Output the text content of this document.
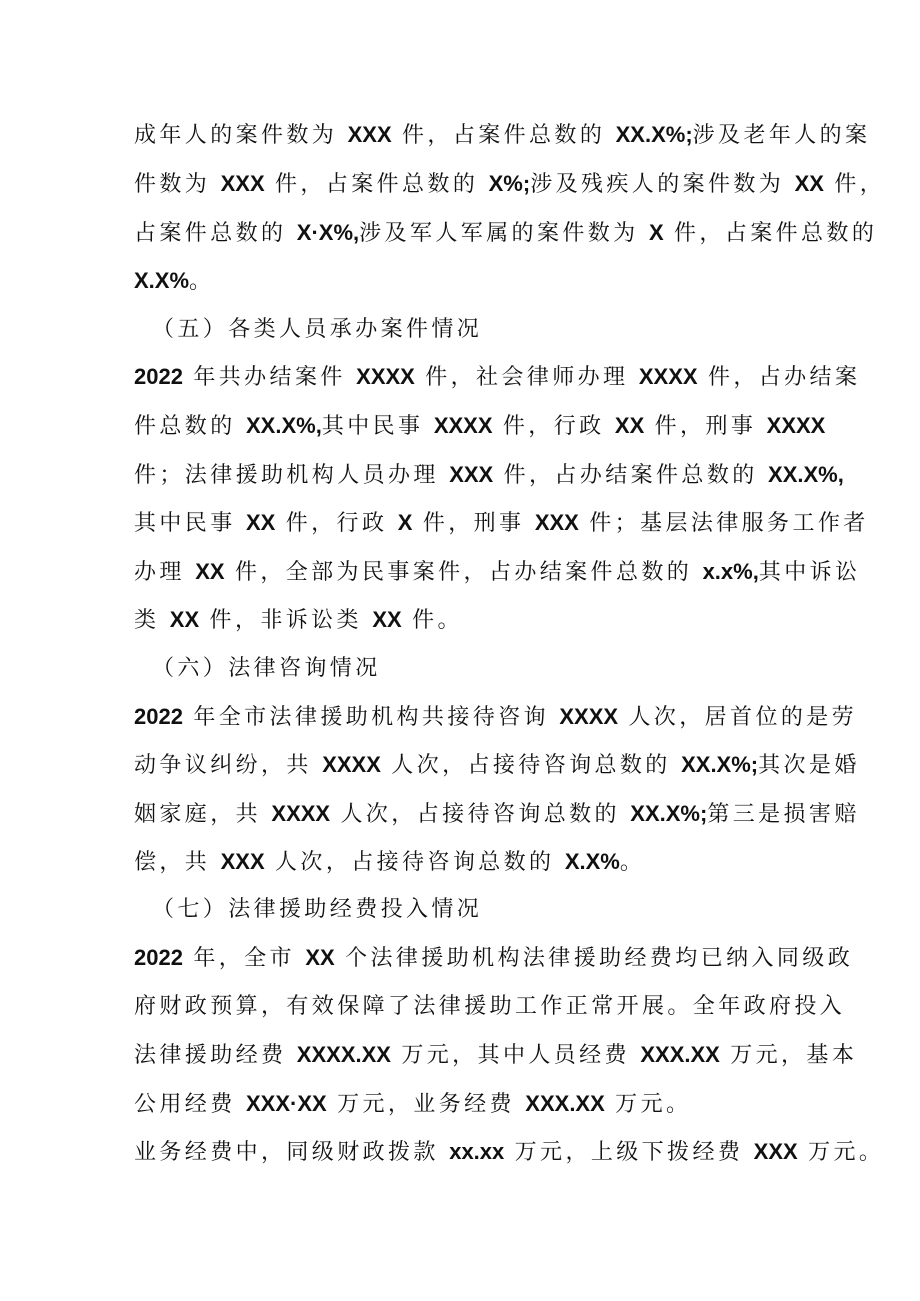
成年人的案件数为 XXX 件，占案件总数的 XX.X%;涉及老年人的案
件数为 XXX 件，占案件总数的 X%;涉及残疾人的案件数为 XX 件，
占案件总数的 X·X%,涉及军人军属的案件数为 X 件，占案件总数的
X.X%。
（五）各类人员承办案件情况
2022 年共办结案件 XXXX 件，社会律师办理 XXXX 件，占办结案
件总数的 XX.X%,其中民事 XXXX 件，行政 XX 件，刑事 XXXX
件；法律援助机构人员办理 XXX 件，占办结案件总数的 XX.X%,
其中民事 XX 件，行政 X 件，刑事 XXX 件；基层法律服务工作者
办理 XX 件，全部为民事案件，占办结案件总数的 x.x%,其中诉讼
类 XX 件，非诉讼类 XX 件。
（六）法律咨询情况
2022 年全市法律援助机构共接待咨询 XXXX 人次，居首位的是劳
动争议纠纷，共 XXXX 人次，占接待咨询总数的 XX.X%;其次是婚
姻家庭，共 XXXX 人次，占接待咨询总数的 XX.X%;第三是损害赔
偿，共 XXX 人次，占接待咨询总数的 X.X%。
（七）法律援助经费投入情况
2022 年，全市 XX 个法律援助机构法律援助经费均已纳入同级政
府财政预算，有效保障了法律援助工作正常开展。全年政府投入
法律援助经费 XXXX.XX 万元，其中人员经费 XXX.XX 万元，基本
公用经费 XXX·XX 万元，业务经费 XXX.XX 万元。
业务经费中，同级财政拨款 xx.xx 万元，上级下拨经费 XXX 万元。
